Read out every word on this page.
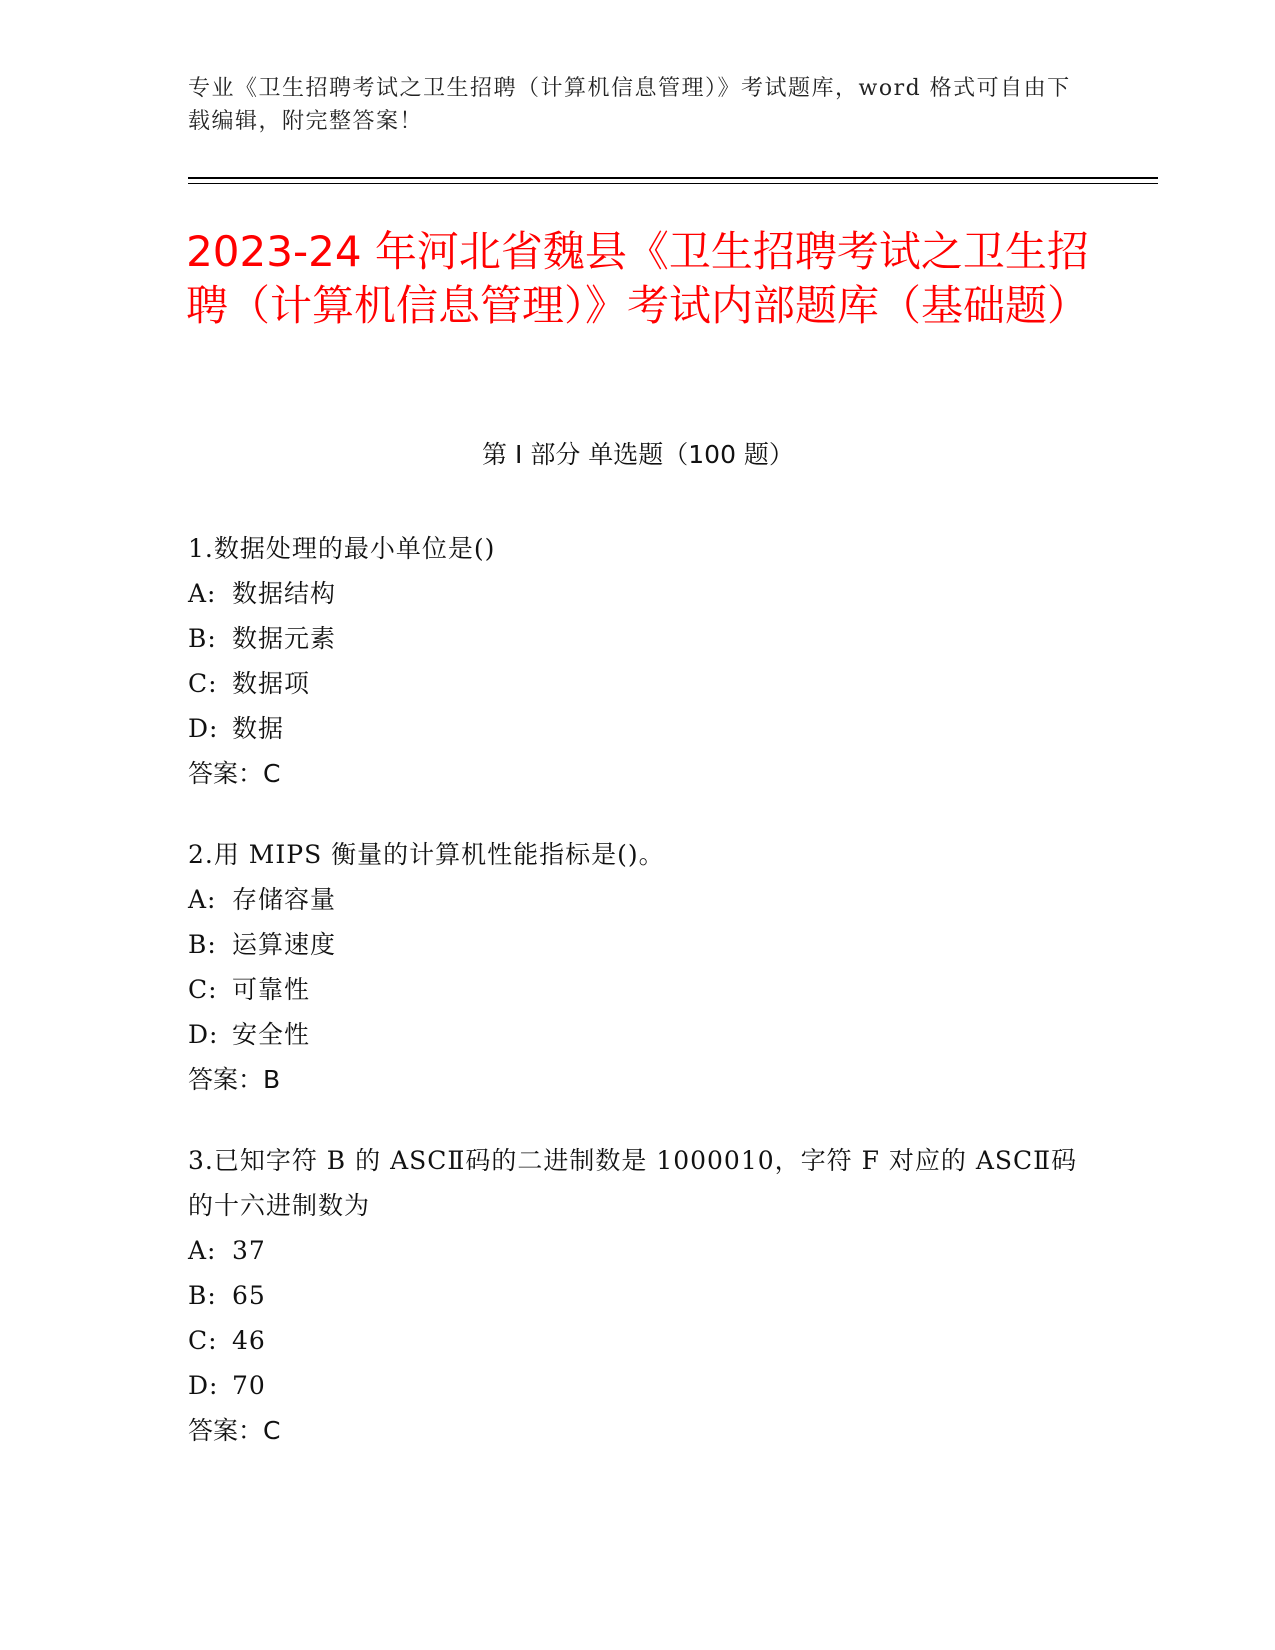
专业《卫生招聘考试之卫生招聘（计算机信息管理）》考试题库，word 格式可自由下载编辑，附完整答案！
2023-24 年河北省魏县《卫生招聘考试之卫生招聘（计算机信息管理）》考试内部题库（基础题）
第 I 部分 单选题（100 题）
1.数据处理的最小单位是()
A: 数据结构
B: 数据元素
C: 数据项
D: 数据
答案：C
2.用 MIPS 衡量的计算机性能指标是()。
A: 存储容量
B: 运算速度
C: 可靠性
D: 安全性
答案：B
3.已知字符 B 的 ASCⅡ码的二进制数是 1000010，字符 F 对应的 ASCⅡ码的十六进制数为
A: 37
B: 65
C: 46
D: 70
答案：C
